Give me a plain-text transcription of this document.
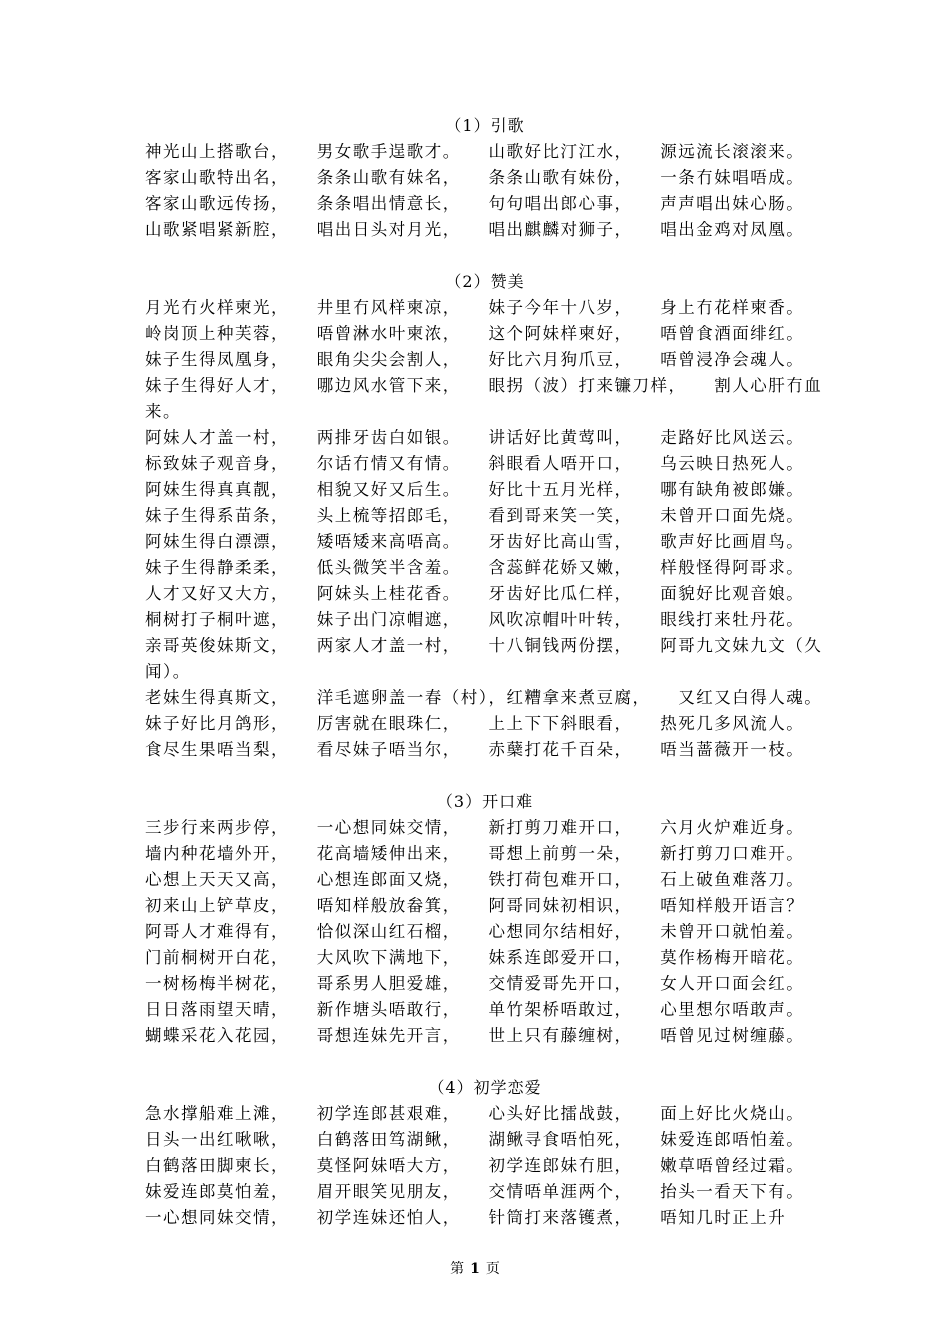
（1）引歌
神光山上搭歌台，　　男女歌手逞歌才。　　山歌好比汀江水，　　源远流长滚滚来。
客家山歌特出名，　　条条山歌有妹名，　　条条山歌有妹份，　　一条冇妹唱唔成。
客家山歌远传扬，　　条条唱出情意长，　　句句唱出郎心事，　　声声唱出妹心肠。
山歌紧唱紧新腔，　　唱出日头对月光，　　唱出麒麟对狮子，　　唱出金鸡对凤凰。
（2）赞美
月光冇火样柬光，　　井里冇风样柬凉，　　妹子今年十八岁，　　身上冇花样柬香。
岭岗顶上种芙蓉，　　唔曾淋水叶柬浓，　　这个阿妹样柬好，　　唔曾食酒面绯红。
妹子生得凤凰身，　　眼角尖尖会割人，　　好比六月狗爪豆，　　唔曾浸净会魂人。
妹子生得好人才，　　哪边风水管下来，　　眼拐（波）打来镰刀样，　　割人心肝冇血来。
阿妹人才盖一村，　　两排牙齿白如银。　　讲话好比黄莺叫，　　走路好比风送云。
标致妹子观音身，　　尔话冇情又有情。　　斜眼看人唔开口，　　乌云映日热死人。
阿妹生得真真靓，　　相貌又好又后生。　　好比十五月光样，　　哪有缺角被郎嫌。
妹子生得系苗条，　　头上梳等招郎毛，　　看到哥来笑一笑，　　未曾开口面先烧。
阿妹生得白漂漂，　　矮唔矮来高唔高。　　牙齿好比高山雪，　　歌声好比画眉鸟。
妹子生得静柔柔，　　低头微笑半含羞。　　含蕊鲜花娇又嫩，　　样般怪得阿哥求。
人才又好又大方，　　阿妹头上桂花香。　　牙齿好比瓜仁样，　　面貌好比观音娘。
桐树打子桐叶遮，　　妹子出门凉帽遮，　　风吹凉帽叶叶转，　　眼线打来牡丹花。
亲哥英俊妹斯文，　　两家人才盖一村，　　十八铜钱两份摆，　　阿哥九文妹九文（久闻）。
老妹生得真斯文，　　洋毛遮卵盖一春（村），红糟拿来煮豆腐，　　又红又白得人魂。
妹子好比月鸽形，　　厉害就在眼珠仁，　　上上下下斜眼看，　　热死几多风流人。
食尽生果唔当梨，　　看尽妹子唔当尔，　　赤蘖打花千百朵，　　唔当蔷薇开一枝。
（3）开口难
三步行来两步停，　　一心想同妹交情，　　新打剪刀难开口，　　六月火炉难近身。
墙内种花墙外开，　　花高墙矮伸出来，　　哥想上前剪一朵，　　新打剪刀口难开。
心想上天天又高，　　心想连郎面又烧，　　铁打荷包难开口，　　石上破鱼难落刀。
初来山上铲草皮，　　唔知样般放畚箕，　　阿哥同妹初相识，　　唔知样般开语言？
阿哥人才难得有，　　恰似深山红石榴，　　心想同尔结相好，　　未曾开口就怕羞。
门前桐树开白花，　　大风吹下满地下，　　妹系连郎爱开口，　　莫作杨梅开暗花。
一树杨梅半树花，　　哥系男人胆爱雄，　　交情爱哥先开口，　　女人开口面会红。
日日落雨望天晴，　　新作塘头唔敢行，　　单竹架桥唔敢过，　　心里想尔唔敢声。
蝴蝶采花入花园，　　哥想连妹先开言，　　世上只有藤缠树，　　唔曾见过树缠藤。
（4）初学恋爱
急水撑船难上滩，　　初学连郎甚艰难，　　心头好比擂战鼓，　　面上好比火烧山。
日头一出红啾啾，　　白鹤落田笃湖鳅，　　湖鳅寻食唔怕死，　　妹爱连郎唔怕羞。
白鹤落田脚柬长，　　莫怪阿妹唔大方，　　初学连郎妹冇胆，　　嫩草唔曾经过霜。
妹爱连郎莫怕羞，　　眉开眼笑见朋友，　　交情唔单涯两个，　　抬头一看天下有。
一心想同妹交情，　　初学连妹还怕人，　　针筒打来落镬煮，　　唔知几时正上升
第 1 页
